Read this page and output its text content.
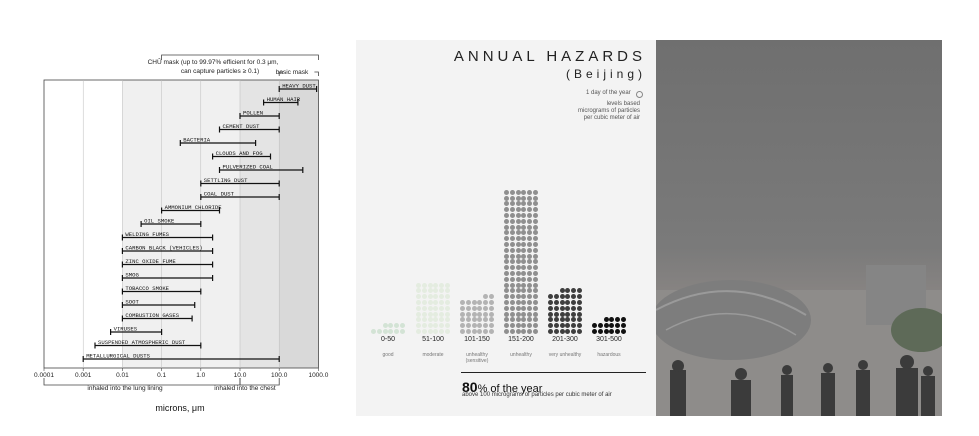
HEAVY DUST
HUMAN HAIR
POLLEN
CEMENT DUST
BACTERIA
CLOUDS AND FOG
PULVERIZED COAL
SETTLING DUST
COAL DUST
AMMONIUM CHLORIDE
OIL SMOKE
WELDING FUMES
CARBON BLACK (VEHICLES)
ZINC OXIDE FUME
SMOG
TOBACCO SMOKE
SOOT
COMBUSTION GASES
VIRUSES
SUSPENDED ATMOSPHERIC DUST
METALLURGICAL DUSTS
0.0001	0.001	0.01	0.1	1.0	10.0	100.0	1000.0
CHŪ mask (up to 99.97% efficient for 0.3 μm,
can capture particles ≥ 0.1)	basic mask
inhaled into the lung lining	inhaled into the chest
microns, μm
ANNUAL HAZARDS
(Beijing)
1 day of the year
levels based micrograms of particles per cubic meter of air
0-50
good
51-100
moderate
101-150
unhealthy (sensitive)
151-200
unhealthy
201-300
very unhealthy
301-500
hazardous
80% of the year
above 100 micrograms of particles per cubic meter of air
